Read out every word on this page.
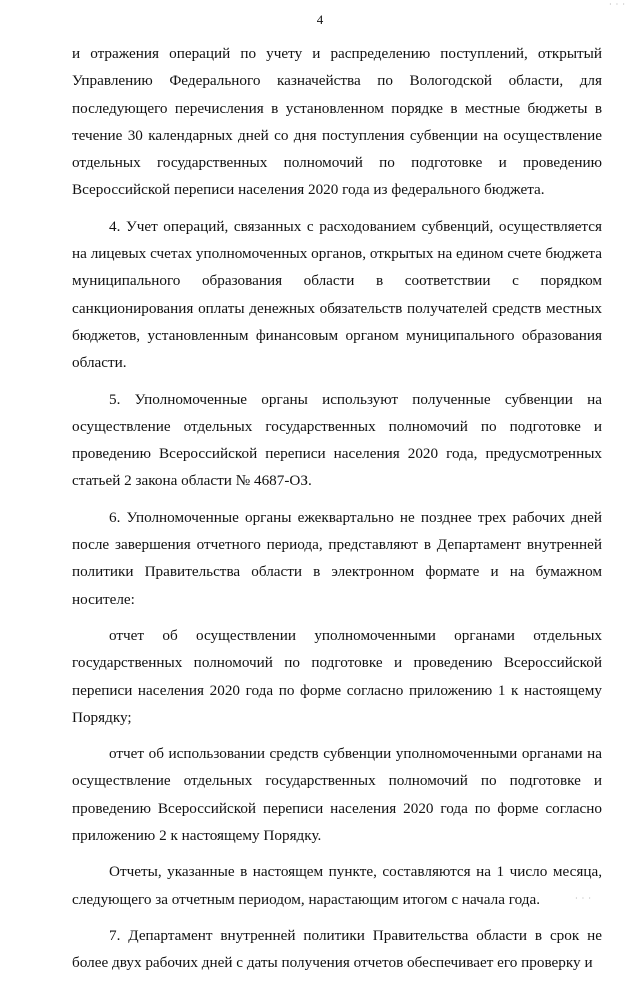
· · ·
4

и отражения операций по учету и распределению поступлений, открытый Управлению Федерального казначейства по Вологодской области, для последующего перечисления в установленном порядке в местные бюджеты в течение 30 календарных дней со дня поступления субвенции на осуществление отдельных государственных полномочий по подготовке и проведению Всероссийской переписи населения 2020 года из федерального бюджета.

4. Учет операций, связанных с расходованием субвенций, осуществляется на лицевых счетах уполномоченных органов, открытых на едином счете бюджета муниципального образования области в соответствии с порядком санкционирования оплаты денежных обязательств получателей средств местных бюджетов, установленным финансовым органом муниципального образования области.

5. Уполномоченные органы используют полученные субвенции на осуществление отдельных государственных полномочий по подготовке и проведению Всероссийской переписи населения 2020 года, предусмотренных статьей 2 закона области № 4687-ОЗ.

6. Уполномоченные органы ежеквартально не позднее трех рабочих дней после завершения отчетного периода, представляют в Департамент внутренней политики Правительства области в электронном формате и на бумажном носителе:

отчет об осуществлении уполномоченными органами отдельных государственных полномочий по подготовке и проведению Всероссийской переписи населения 2020 года по форме согласно приложению 1 к настоящему Порядку;

отчет об использовании средств субвенции уполномоченными органами на осуществление отдельных государственных полномочий по подготовке и проведению Всероссийской переписи населения 2020 года по форме согласно приложению 2 к настоящему Порядку.

Отчеты, указанные в настоящем пункте, составляются на 1 число месяца, следующего за отчетным периодом, нарастающим итогом с начала года.

7. Департамент внутренней политики Правительства области в срок не более двух рабочих дней с даты получения отчетов обеспечивает его проверку и

· · ·
